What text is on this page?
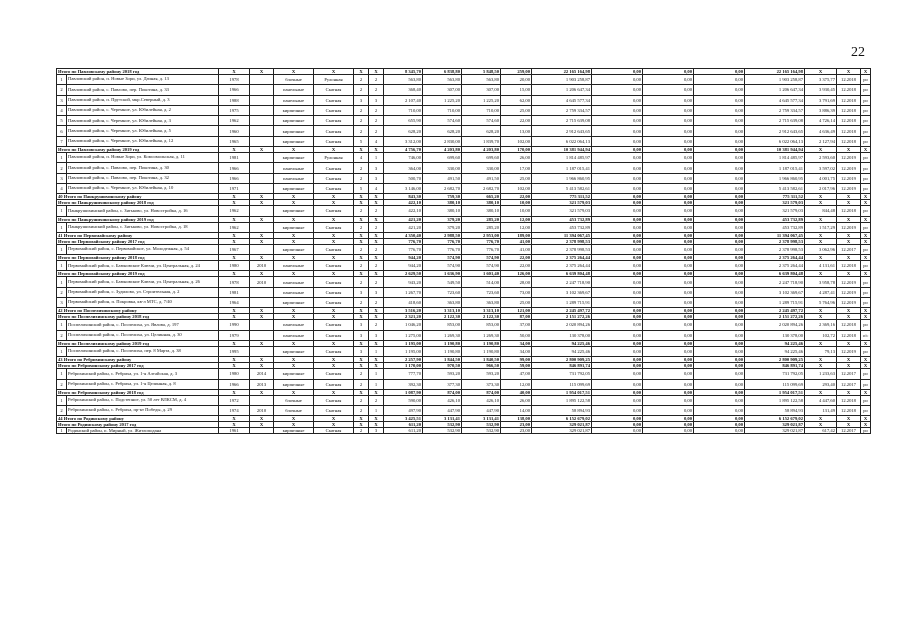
22
Итого по Павловскому району 2018 год		X	X	X	X	X	X	8 345,70	6 838,80	5 848,50	259,00	22 165 164,98	0,00	0,00	0,00	22 165 164,98	X	X	X
1	Павловский район, п. Новые Зори, ул. Дачная, д. 13	1978		блочные	Рулонная	2	2	563,80	563,80	563,80	20,00	1 903 258,87	0,00	0,00	0,00	1 903 258,87	3 375,77	12.2018	ро
2	Павловский район, с. Павлово, пер. Покотина, д. 33	1966		панельные	Скатная	2	2	368,40	307,00	307,00	15,00	1 206 647,34	0,00	0,00	0,00	1 206 647,34	3 930,45	12.2018	ро
3	Павловский район, п. Прутской, мкр.Северный, д. 3	1988		панельные	Скатная	3	3	2 107,40	1 225,20	1 225,20	62,00	4 645 577,34	0,00	0,00	0,00	4 645 577,34	3 791,69	12.2018	ро
4	Павловский район, с. Черемное, ул. Юбилейная, д. 2	1975		кирпичные	Скатная	2	2	710,00	710,00	710,00	25,00	2 759 334,57	0,00	0,00	0,00	2 759 334,57	3 886,39	12.2018	ро
5	Павловский район, с. Черемное, ул. Юбилейная, д. 3	1962		кирпичные	Скатная	2	2	655,90	574,60	574,60	22,00	2 715 639,08	0,00	0,00	0,00	2 715 639,08	4 726,14	12.2018	ро
6	Павловский район, с. Черемное, ул. Юбилейная, д. 5	1960		кирпичные	Скатная	2	2	628,20	628,20	628,20	13,00	2 912 643,65	0,00	0,00	0,00	2 912 643,65	4 636,49	12.2018	ро
7	Павловский район, с. Черемное, ул. Юбилейная, д. 12	1965		кирпичные	Скатная	5	4	3 312,00	2 830,00	1 839,70	102,00	6 022 064,13	0,00	0,00	0,00	6 022 064,13	2 127,94	12.2018	ро
Итого по Павловскому району 2019 год		X	X	X	X	X	X	4 756,70	4 203,80	4 203,80	170,00	10 381 944,94	0,00	0,00	0,00	10 381 944,94	X	X	X
1	Павловский район, п. Новые Зори, ул. Комсомольская, д. 11	1981		кирпичные	Рулонная	4	1	746,00	699,60	699,60	26,00	1 814 485,97	0,00	0,00	0,00	1 814 485,97	2 593,60	12.2019	ро
2	Павловский район, с. Павлово, пер. Покотина, д. 30	1966		панельные	Скатная	2	3	364,00	330,00	330,00	17,00	1 187 015,41	0,00	0,00	0,00	1 187 015,41	3 597,02	12.2019	ро
3	Павловский район, с. Павлово, пер. Покотина, д. 32	1966		панельные	Скатная	2	3	500,70	491,50	491,50	25,00	1 966 860,95	0,00	0,00	0,00	1 966 860,95	4 001,75	12.2019	ро
4	Павловский район, с. Черемное, ул. Юбилейная, д. 10	1971		кирпичные	Скатная	5	4	3 146,00	2 682,70	2 682,70	102,00	5 413 582,61	0,00	0,00	0,00	5 413 582,61	2 017,96	12.2019	ро
40 Итого по Панкрушихинскому району		X	X	X	X	X	X	843,30	759,30	665,20	22,00	775 311,52	0,00	0,00	0,00	775 311,52	X	X	X
Итого по Панкрушихинскому району 2018 год		X	X	X	X	X	X	422,10	380,10	380,10	10,00	321 579,03	0,00	0,00	0,00	321 579,03	X	X	X
1	Панкрушихинский район, с. Зятьково, ул. Новостройка, д. 16	1962		кирпичные	Скатная	2	2	422,10	380,10	380,10	10,00	321 579,03	0,00	0,00	0,00	321 579,03	844,48	12.2018	ро
Итого по Панкрушихинскому району 2019 год		X	X	X	X	X	X	421,20	379,20	285,20	12,00	453 732,89	0,00	0,00	0,00	453 732,89	X	X	X
1	Панкрушихинский район, с. Зятьково, ул. Новостройка, д. 18	1962		кирпичные	Скатная	2	2	421,20	379,20	285,20	12,00	453 732,89	0,00	0,00	0,00	453 732,89	1 517,29	12.2019	ро
41 Итого по Первомайскому району		X	X	X	X	X	X	4 350,40	2 988,50	2 953,00	189,00	11 394 067,45	0,00	0,00	0,00	11 394 067,45	X	X	X
Итого по Первомайскому району 2017 год		X	X	X	X	X	X	776,70	776,70	776,70	41,00	2 378 998,53	0,00	0,00	0,00	2 378 998,53	X	X	X
1	Первомайский район, с. Первомайское, ул. Молодежная, д. 54	1967		кирпичные	Скатная	2	2	776,70	776,70	776,70	41,00	2 378 998,53	0,00	0,00	0,00	2 378 998,53	3 062,96	12.2017	ро
Итого по Первомайскому району 2018 год		X	X	X	X	X	X	944,20	574,90	574,90	22,00	2 375 264,44	0,00	0,00	0,00	2 375 264,44	X	X	X
1	Первомайский район, с. Баюновские Ключи, ул. Центральная, д. 24	1980	2010	панельные	Скатная	2	2	944,20	574,90	574,90	22,00	2 375 264,44	0,00	0,00	0,00	2 375 264,44	4 131,61	12.2018	ро
Итого по Первомайскому району 2019 год		X	X	X	X	X	X	2 629,50	1 636,90	1 601,40	126,00	6 639 804,48	0,00	0,00	0,00	6 639 804,48	X	X	X
1	Первомайский район, с. Баюновские Ключи, ул. Центральная, д. 26	1978	2010	панельные	Скатная	2	2	943,20	549,50	514,00	28,00	2 247 718,90	0,00	0,00	0,00	2 247 718,90	3 958,78	12.2019	ро
2	Первомайский район, с. Зудилово, ул. Строительная, д. 2	1981		панельные	Скатная	3	3	1 267,70	723,60	723,60	73,00	3 102 369,67	0,00	0,00	0,00	3 102 369,67	4 287,41	12.2019	ро
3	Первомайский район, п. Покровка, кв-л МТС, д. 7/40	1964		кирпичные	Скатная	2	2	418,60	363,80	363,80	25,00	1 289 715,91	0,00	0,00	0,00	1 289 715,91	5 764,96	12.2019	ро
42 Итого по Поспелихинскому району		X	X	X	X	X	X	3 516,20	3 313,10	3 313,10	121,00	2 245 497,72	0,00	0,00	0,00	2 245 497,72	X	X	X
Итого по Поспелихинскому району 2018 год		X	X	X	X	X	X	2 321,20	2 122,30	2 122,30	87,00	2 151 272,26	0,00	0,00	0,00	2 151 272,26	X	X	X
1	Поспелихинский район, с. Поспелиха, ул. Явлова, д. 197	1990		панельные	Скатная	3	2	1 046,20	853,00	853,00	37,00	2 020 894,26	0,00	0,00	0,00	2 020 894,26	2 369,16	12.2018	ро
2	Поспелихинский район, с. Поспелиха, ул. Целинная, д. 30	1979		панельные	Скатная	3	3	1 275,00	1 269,30	1 269,30	50,00	130 378,00	0,00	0,00	0,00	130 378,00	102,72	12.2018	о/с
Итого по Поспелихинскому району 2019 год		X	X	X	X	X	X	1 195,00	1 190,80	1 190,80	34,00	94 225,46	0,00	0,00	0,00	94 225,46	X	X	X
1	Поспелихинский район, с. Поспелиха, пер. 8 Марта, д. 38	1995		кирпичные	Скатная	3	1	1 195,00	1 190,80	1 190,80	34,00	94 225,46	0,00	0,00	0,00	94 225,46	79,13	12.2019	ро
43 Итого по Ребрихинскому району		X	X	X	X	X	X	2 257,90	1 844,50	1 840,50	99,00	2 800 909,25	0,00	0,00	0,00	2 800 909,25	X	X	X
Итого по Ребрихинскому району 2017 год		X	X	X	X	X	X	1 170,00	970,50	966,50	59,00	846 891,74	0,00	0,00	0,00	846 891,74	X	X	X
1	Ребрихинский район, с. Ребриха, ул. 1-я Алтайская, д. 3	1980	2014	кирпичные	Скатная	2	1	777,70	593,20	593,20	47,00	731 792,05	0,00	0,00	0,00	731 792,05	1 233,63	12.2017	ро
2	Ребрихинский район, с. Ребриха, ул. 1-я Целинная, д. 8	1966	2013	кирпичные	Скатная	2	1	392,30	377,30	373,30	12,00	115 099,69	0,00	0,00	0,00	115 099,69	293,40	12.2017	ро
Итого по Ребрихинскому району 2018 год		X	X	X	X	X	X	1 087,90	874,00	874,00	40,00	1 954 017,51	0,00	0,00	0,00	1 954 017,51	X	X	X
1	Ребрихинский район, с. Подстепное, ул. 50 лет ВЛКСМ, д. 4	1972		блочные	Скатная	2	2	590,00	426,10	426,10	26,00	1 895 122,58	0,00	0,00	0,00	1 895 122,58	4 447,60	12.2018	ро
2	Ребрихинский район, с. Ребриха, пр-кт Победы, д. 29	1974	2010	блочные	Скатная	2	1	497,90	447,90	447,90	14,00	58 894,93	0,00	0,00	0,00	58 894,93	131,49	12.2018	ро
44 Итого по Родинскому району		X	X	X	X	X	X	3 425,51	3 131,41	3 131,41	138,00	6 152 679,02	0,00	0,00	0,00	6 152 679,02	X	X	X
Итого по Родинскому району 2017 год		X	X	X	X	X	X	611,20	532,90	532,90	23,00	329 021,87	0,00	0,00	0,00	329 021,87	X	X	X
1	Родинский район, п. Мирный, ул. Житлоподана	1961		кирпичные	Скатная	2	3	611,20	532,90	532,90	23,00	329 021,87	0,00	0,00	0,00	329 021,87	617,42	12.2017	ро
